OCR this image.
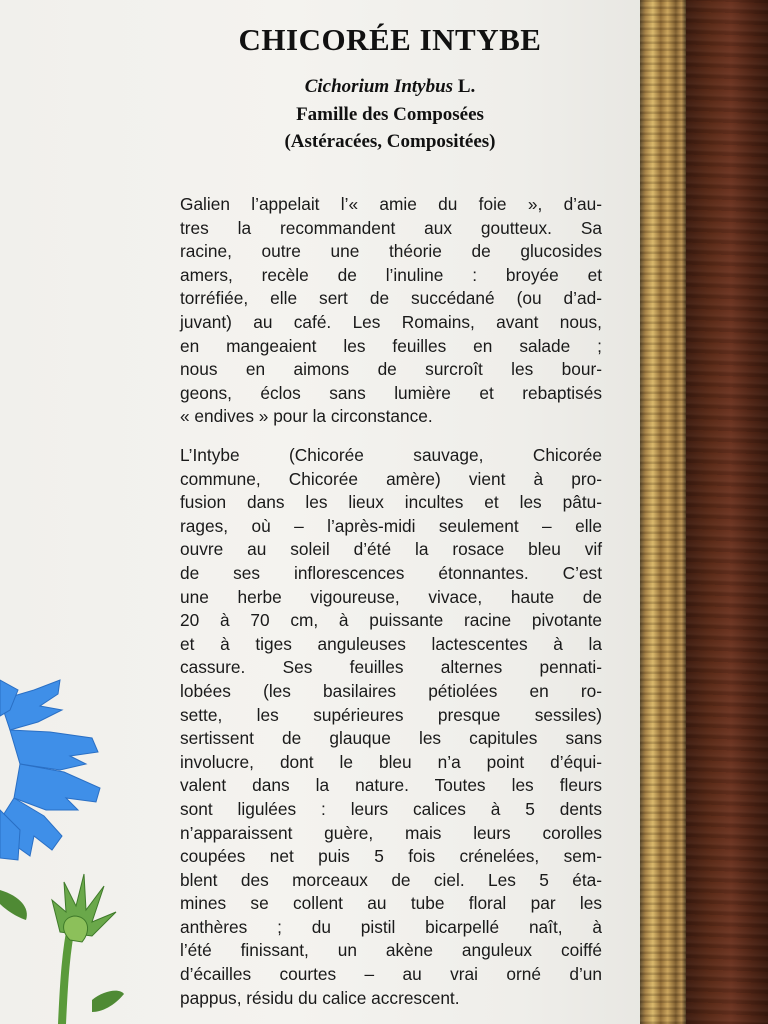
CHICORÉE INTYBE
Cichorium Intybus L.
Famille des Composées
(Astéracées, Compositées)
Galien l’appelait l’« amie du foie », d’au-
tres la recommandent aux goutteux. Sa
racine, outre une théorie de glucosides
amers, recèle de l’inuline : broyée et
torréfiée, elle sert de succédané (ou d’ad-
juvant) au café. Les Romains, avant nous,
en mangeaient les feuilles en salade ;
nous en aimons de surcroît les bour-
geons, éclos sans lumière et rebaptisés
« endives » pour la circonstance.
L’Intybe (Chicorée sauvage, Chicorée
commune, Chicorée amère) vient à pro-
fusion dans les lieux incultes et les pâtu-
rages, où – l’après-midi seulement – elle
ouvre au soleil d’été la rosace bleu vif
de ses inflorescences étonnantes. C’est
une herbe vigoureuse, vivace, haute de
20 à 70 cm, à puissante racine pivotante
et à tiges anguleuses lactescentes à la
cassure. Ses feuilles alternes pennati-
lobées (les basilaires pétiolées en ro-
sette, les supérieures presque sessiles)
sertissent de glauque les capitules sans
involucre, dont le bleu n’a point d’équi-
valent dans la nature. Toutes les fleurs
sont ligulées : leurs calices à 5 dents
n’apparaissent guère, mais leurs corolles
coupées net puis 5 fois crénelées, sem-
blent des morceaux de ciel. Les 5 éta-
mines se collent au tube floral par les
anthères ; du pistil bicarpellé naît, à
l’été finissant, un akène anguleux coiffé
d’écailles courtes – au vrai orné d’un
pappus, résidu du calice accrescent.
